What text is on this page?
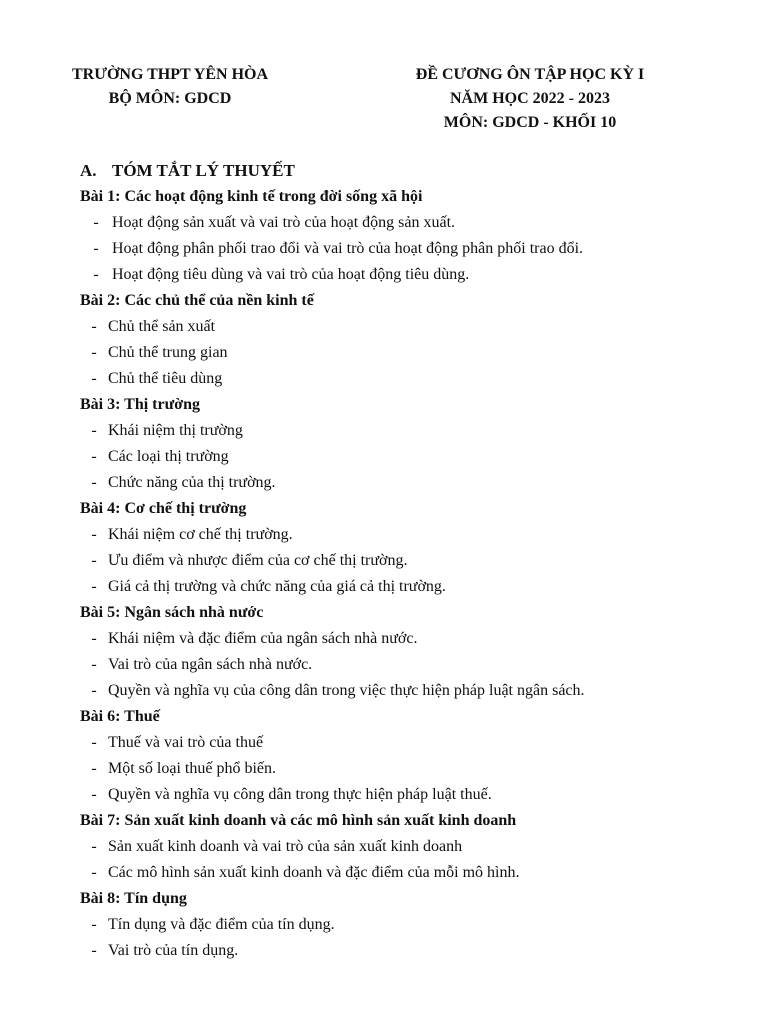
TRƯỜNG THPT YÊN HÒA
BỘ MÔN: GDCD
ĐỀ CƯƠNG ÔN TẬP HỌC KỲ I
NĂM HỌC 2022 - 2023
MÔN: GDCD - KHỐI 10
A. TÓM TẮT LÝ THUYẾT
Bài 1: Các hoạt động kinh tế trong đời sống xã hội
- Hoạt động sản xuất và vai trò của hoạt động sản xuất.
- Hoạt động phân phối trao đổi và vai trò của hoạt động phân phối trao đổi.
- Hoạt động tiêu dùng và vai trò của hoạt động tiêu dùng.
Bài 2: Các chủ thể của nền kinh tế
- Chủ thể sản xuất
- Chủ thể trung gian
- Chủ thể tiêu dùng
Bài 3: Thị trường
- Khái niệm thị trường
- Các loại thị trường
- Chức năng của thị trường.
Bài 4: Cơ chế thị trường
- Khái niệm cơ chế thị trường.
- Ưu điểm và nhược điểm của cơ chế thị trường.
- Giá cả thị trường và chức năng của giá cả thị trường.
Bài 5: Ngân sách nhà nước
- Khái niệm và đặc điểm của ngân sách nhà nước.
- Vai trò của ngân sách nhà nước.
- Quyền và nghĩa vụ của công dân trong việc thực hiện pháp luật ngân sách.
Bài 6: Thuế
- Thuế và vai trò của thuế
- Một số loại thuế phổ biến.
- Quyền và nghĩa vụ công dân trong thực hiện pháp luật thuế.
Bài 7: Sản xuất kinh doanh và các mô hình sản xuất kinh doanh
- Sản xuất kinh doanh và vai trò của sản xuất kinh doanh
- Các mô hình sản xuất kinh doanh và đặc điểm của mỗi mô hình.
Bài 8: Tín dụng
- Tín dụng và đặc điểm của tín dụng.
- Vai trò của tín dụng.
